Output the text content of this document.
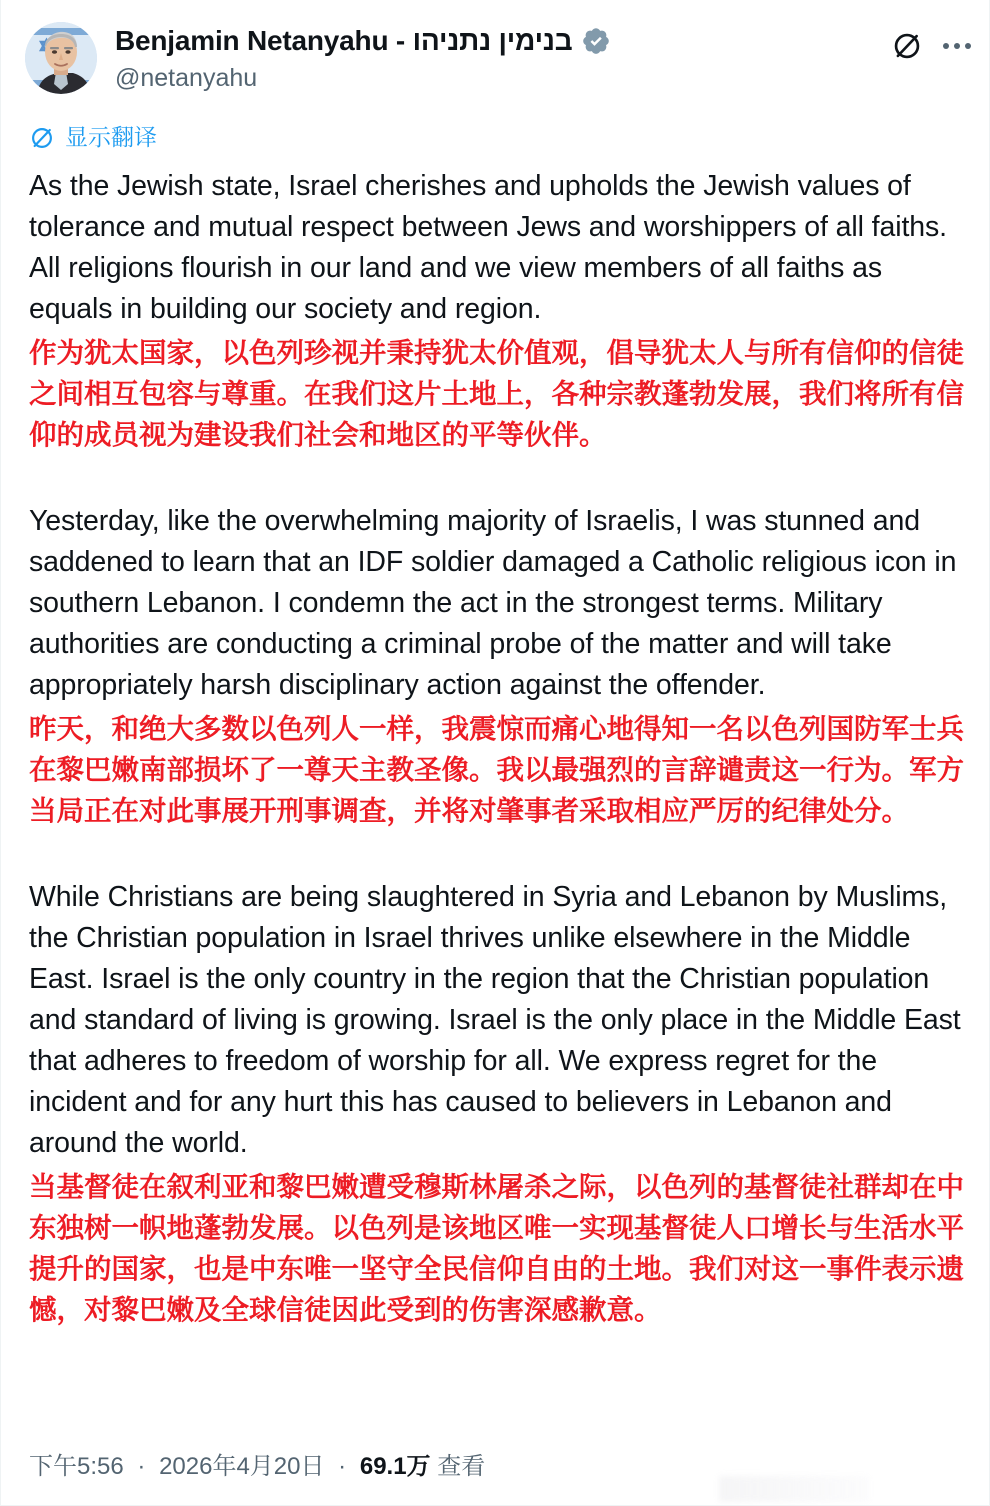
Benjamin Netanyahu - בנימין נתניהו
@netanyahu
显示翻译

As the Jewish state, Israel cherishes and upholds the Jewish values of tolerance and mutual respect between Jews and worshippers of all faiths. All religions flourish in our land and we view members of all faiths as equals in building our society and region.

作为犹太国家，以色列珍视并秉持犹太价值观，倡导犹太人与所有信仰的信徒之间相互包容与尊重。在我们这片土地上，各种宗教蓬勃发展，我们将所有信仰的成员视为建设我们社会和地区的平等伙伴。

Yesterday, like the overwhelming majority of Israelis, I was stunned and saddened to learn that an IDF soldier damaged a Catholic religious icon in southern Lebanon. I condemn the act in the strongest terms. Military authorities are conducting a criminal probe of the matter and will take appropriately harsh disciplinary action against the offender.

昨天，和绝大多数以色列人一样，我震惊而痛心地得知一名以色列国防军士兵在黎巴嫩南部损坏了一尊天主教圣像。我以最强烈的言辞谴责这一行为。军方当局正在对此事展开刑事调查，并将对肇事者采取相应严厉的纪律处分。

While Christians are being slaughtered in Syria and Lebanon by Muslims, the Christian population in Israel thrives unlike elsewhere in the Middle East. Israel is the only country in the region that the Christian population and standard of living is growing. Israel is the only place in the Middle East that adheres to freedom of worship for all. We express regret for the incident and for any hurt this has caused to believers in Lebanon and around the world.

当基督徒在叙利亚和黎巴嫩遭受穆斯林屠杀之际，以色列的基督徒社群却在中东独树一帜地蓬勃发展。以色列是该地区唯一实现基督徒人口增长与生活水平提升的国家，也是中东唯一坚守全民信仰自由的土地。我们对这一事件表示遗憾，对黎巴嫩及全球信徒因此受到的伤害深感歉意。

下午5:56 · 2026年4月20日 · 69.1万 查看
